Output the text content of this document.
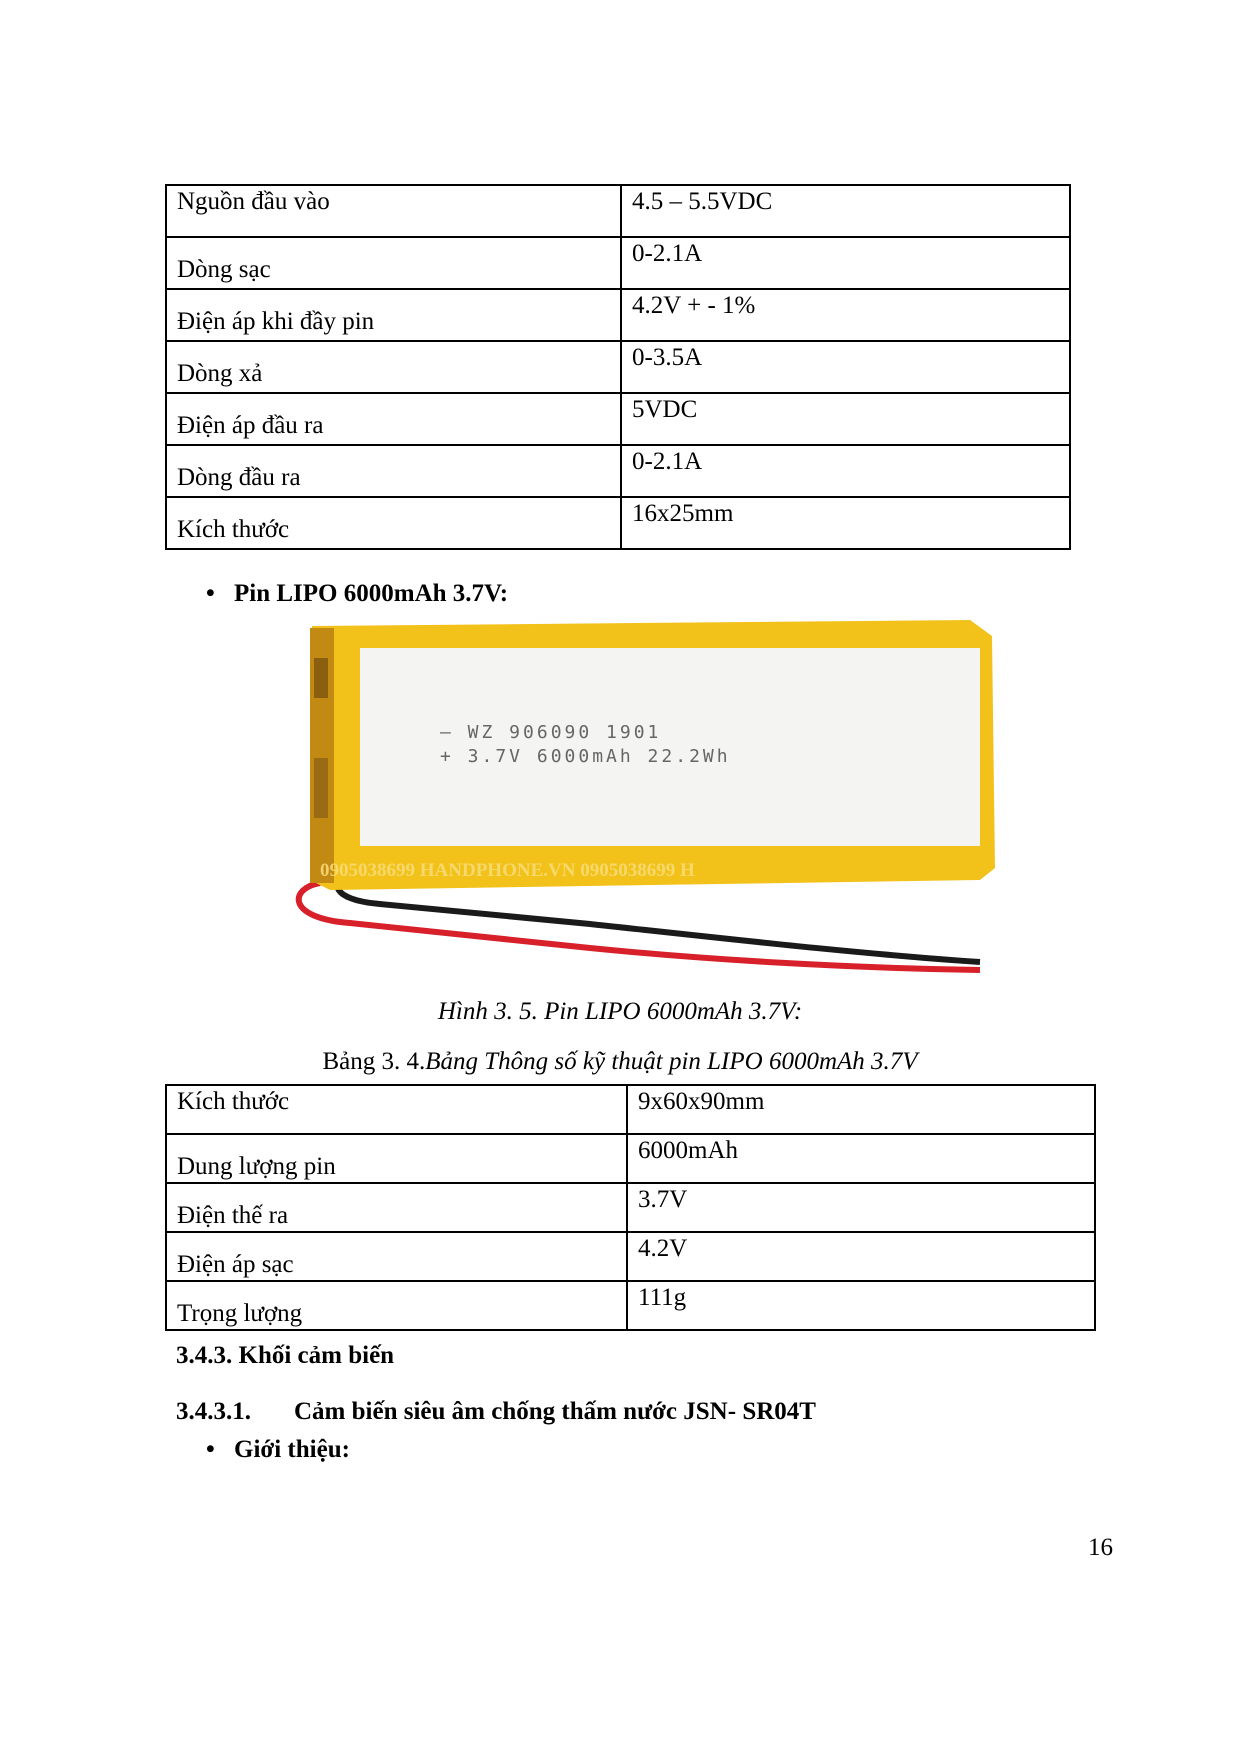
Nguồn đầu vào	4.5 – 5.5VDC

Dòng sạc	0-2.1A

Điện áp khi đầy pin	4.2V + - 1%

Dòng xả	0-3.5A

Điện áp đầu ra	5VDC

Dòng đầu ra	0-2.1A

Kích thước	16x25mm
• Pin LIPO 6000mAh 3.7V:
– WZ 906090 1901
+ 3.7V 6000mAh 22.2Wh
0905038699 HANDPHONE.VN 0905038699 H
Hình 3. 5. Pin LIPO 6000mAh 3.7V:
Bảng 3. 4.Bảng Thông số kỹ thuật pin LIPO 6000mAh 3.7V
Kích thước	9x60x90mm

Dung lượng pin	6000mAh

Điện thế ra	3.7V

Điện áp sạc	4.2V

Trọng lượng	111g
3.4.3. Khối cảm biến
3.4.3.1. Cảm biến siêu âm chống thấm nước JSN- SR04T
• Giới thiệu:
16
